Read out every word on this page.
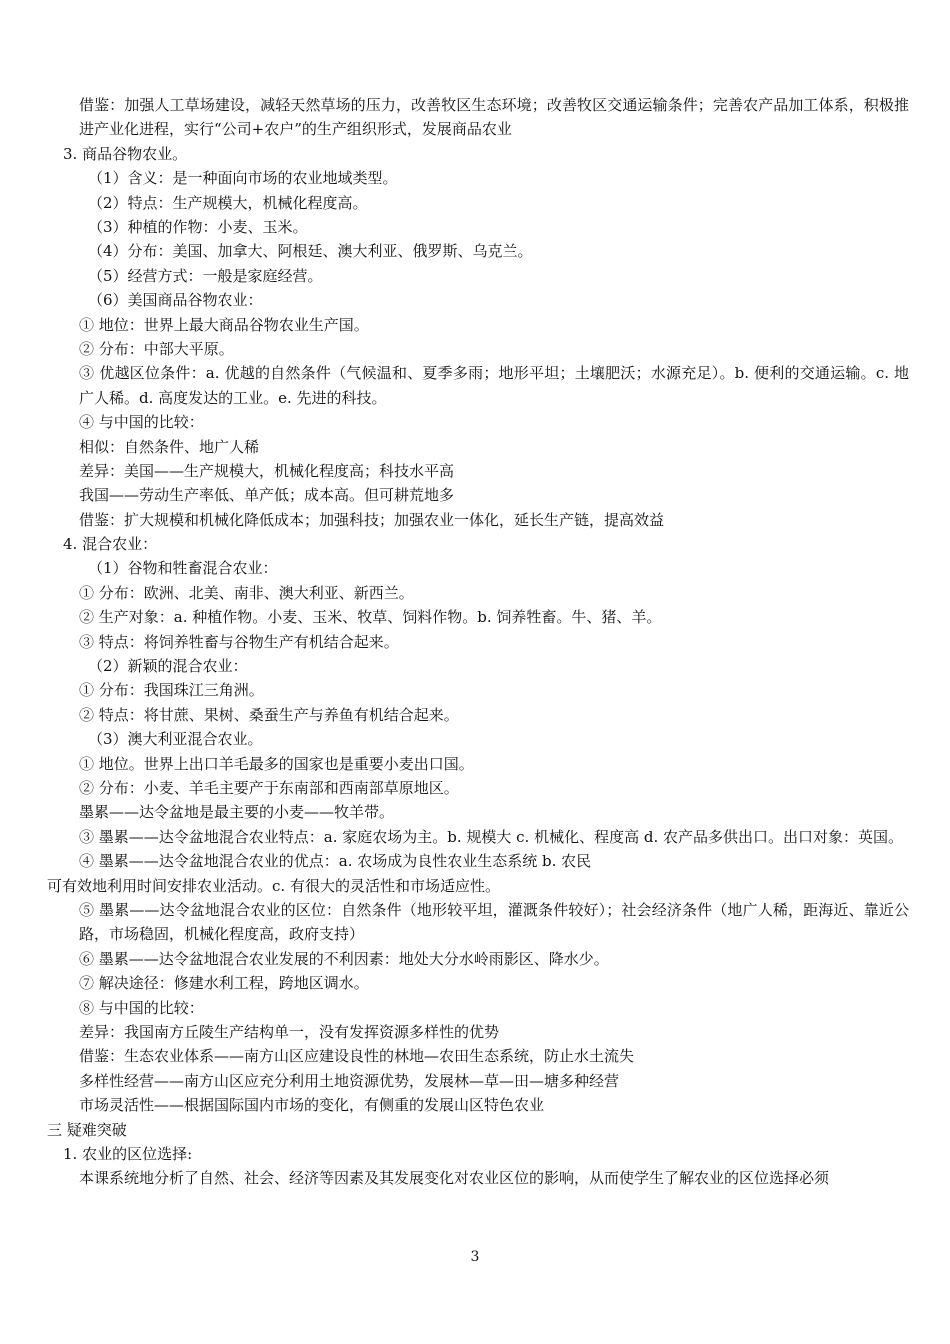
借鉴：加强人工草场建设，减轻天然草场的压力，改善牧区生态环境；改善牧区交通运输条件；完善农产品加工体系，积极推进产业化进程，实行“公司+农户”的生产组织形式，发展商品农业
3. 商品谷物农业。
（1）含义：是一种面向市场的农业地域类型。
（2）特点：生产规模大，机械化程度高。
（3）种植的作物：小麦、玉米。
（4）分布：美国、加拿大、阿根廷、澳大利亚、俄罗斯、乌克兰。
（5）经营方式：一般是家庭经营。
（6）美国商品谷物农业：
① 地位：世界上最大商品谷物农业生产国。
② 分布：中部大平原。
③ 优越区位条件：a. 优越的自然条件（气候温和、夏季多雨；地形平坦；土壤肥沃；水源充足）。b. 便利的交通运输。c. 地广人稀。d. 高度发达的工业。e. 先进的科技。
④ 与中国的比较：
相似：自然条件、地广人稀
差异：美国——生产规模大，机械化程度高；科技水平高
我国——劳动生产率低、单产低；成本高。但可耕荒地多
借鉴：扩大规模和机械化降低成本；加强科技；加强农业一体化，延长生产链，提高效益
4. 混合农业：
（1）谷物和牲畜混合农业：
① 分布：欧洲、北美、南非、澳大利亚、新西兰。
② 生产对象：a. 种植作物。小麦、玉米、牧草、饲料作物。b. 饲养牲畜。牛、猪、羊。
③ 特点：将饲养牲畜与谷物生产有机结合起来。
（2）新颖的混合农业：
① 分布：我国珠江三角洲。
② 特点：将甘蔗、果树、桑蚕生产与养鱼有机结合起来。
（3）澳大利亚混合农业。
① 地位。世界上出口羊毛最多的国家也是重要小麦出口国。
② 分布：小麦、羊毛主要产于东南部和西南部草原地区。
墨累——达令盆地是最主要的小麦——牧羊带。
③ 墨累——达令盆地混合农业特点：a. 家庭农场为主。b. 规模大 c. 机械化、程度高 d. 农产品多供出口。出口对象：英国。
④ 墨累——达令盆地混合农业的优点：a. 农场成为良性农业生态系统 b. 农民
可有效地利用时间安排农业活动。c. 有很大的灵活性和市场适应性。
⑤ 墨累——达令盆地混合农业的区位：自然条件（地形较平坦，灌溉条件较好）；社会经济条件（地广人稀，距海近、靠近公路，市场稳固，机械化程度高，政府支持）
⑥ 墨累——达令盆地混合农业发展的不利因素：地处大分水岭雨影区、降水少。
⑦ 解决途径：修建水利工程，跨地区调水。
⑧ 与中国的比较：
差异：我国南方丘陵生产结构单一，没有发挥资源多样性的优势
借鉴：生态农业体系——南方山区应建设良性的林地—农田生态系统，防止水土流失
多样性经营——南方山区应充分利用土地资源优势，发展林—草—田—塘多种经营
市场灵活性——根据国际国内市场的变化，有侧重的发展山区特色农业
三 疑难突破
1. 农业的区位选择:
本课系统地分析了自然、社会、经济等因素及其发展变化对农业区位的影响，从而使学生了解农业的区位选择必须
3
